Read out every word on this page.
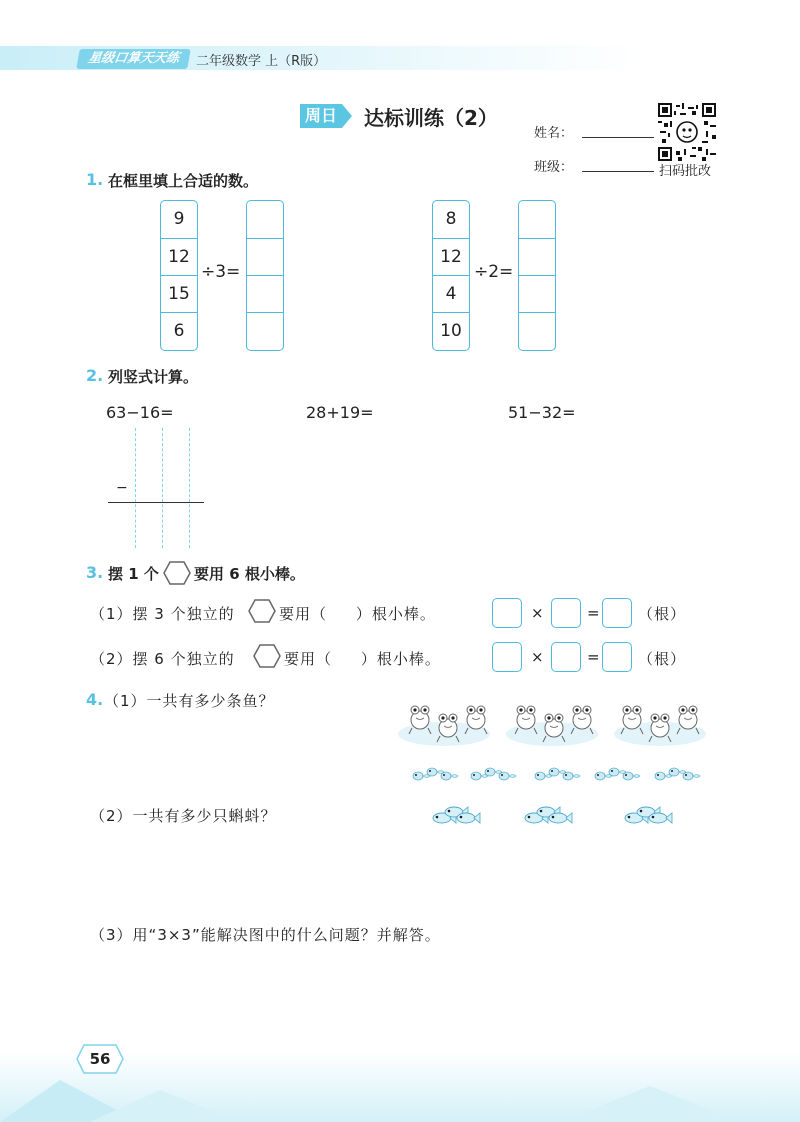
星级口算天天练	二年级数学 上（R版）
周日 达标训练（2）
姓名：
班级：	扫码批改
1. 在框里填上合适的数。
9
12
15
6
÷3=
8
12
4
10
÷2=
2. 列竖式计算。
63−16=	28+19=	51−32=
−
3. 摆 1 个 要用 6 根小棒。
（1）摆 3 个独立的	要用（     ）根小棒。	×	=	（根）
（2）摆 6 个独立的	要用（     ）根小棒。	×	=	（根）
4. （1）一共有多少条鱼？
（2）一共有多少只蝌蚪？
（3）用“3×3”能解决图中的什么问题？并解答。
56
